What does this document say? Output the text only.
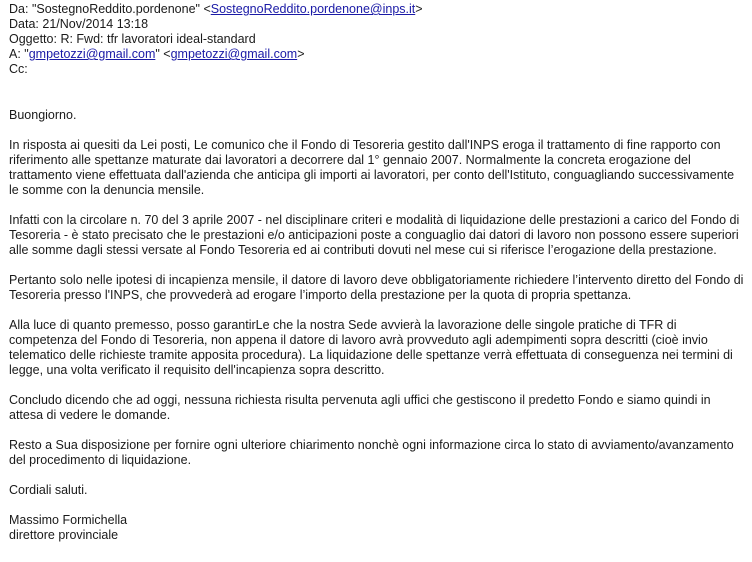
Da: "SostegnoReddito.pordenone" <SostegnoReddito.pordenone@inps.it>
Data: 21/Nov/2014 13:18
Oggetto: R: Fwd: tfr lavoratori ideal-standard
A: "gmpetozzi@gmail.com" <gmpetozzi@gmail.com>
Cc:

Buongiorno.

In risposta ai quesiti da Lei posti, Le comunico che il Fondo di Tesoreria gestito dall'INPS eroga il trattamento di fine rapporto con riferimento alle spettanze maturate dai lavoratori a decorrere dal 1° gennaio 2007. Normalmente la concreta erogazione del trattamento viene effettuata dall'azienda che anticipa gli importi ai lavoratori, per conto dell'Istituto, conguagliando successivamente le somme con la denuncia mensile.

Infatti con la circolare n. 70 del 3 aprile 2007 - nel disciplinare criteri e modalità di liquidazione delle prestazioni a carico del Fondo di Tesoreria - è stato precisato che le prestazioni e/o anticipazioni poste a conguaglio dai datori di lavoro non possono essere superiori alle somme dagli stessi versate al Fondo Tesoreria ed ai contributi dovuti nel mese cui si riferisce l’erogazione della prestazione.

Pertanto solo nelle ipotesi di incapienza mensile, il datore di lavoro deve obbligatoriamente richiedere l’intervento diretto del Fondo di Tesoreria presso l'INPS, che provvederà ad erogare l’importo della prestazione per la quota di propria spettanza.

Alla luce di quanto premesso, posso garantirLe che la nostra Sede avvierà la lavorazione delle singole pratiche di TFR di competenza del Fondo di Tesoreria, non appena il datore di lavoro avrà provveduto agli adempimenti sopra descritti (cioè invio telematico delle richieste tramite apposita procedura). La liquidazione delle spettanze verrà effettuata di conseguenza nei termini di legge, una volta verificato il requisito dell'incapienza sopra descritto.

Concludo dicendo che ad oggi, nessuna richiesta risulta pervenuta agli uffici che gestiscono il predetto Fondo e siamo quindi in attesa di vedere le domande.

Resto a Sua disposizione per fornire ogni ulteriore chiarimento nonchè ogni informazione circa lo stato di avviamento/avanzamento del procedimento di liquidazione.

Cordiali saluti.

Massimo Formichella

direttore provinciale
